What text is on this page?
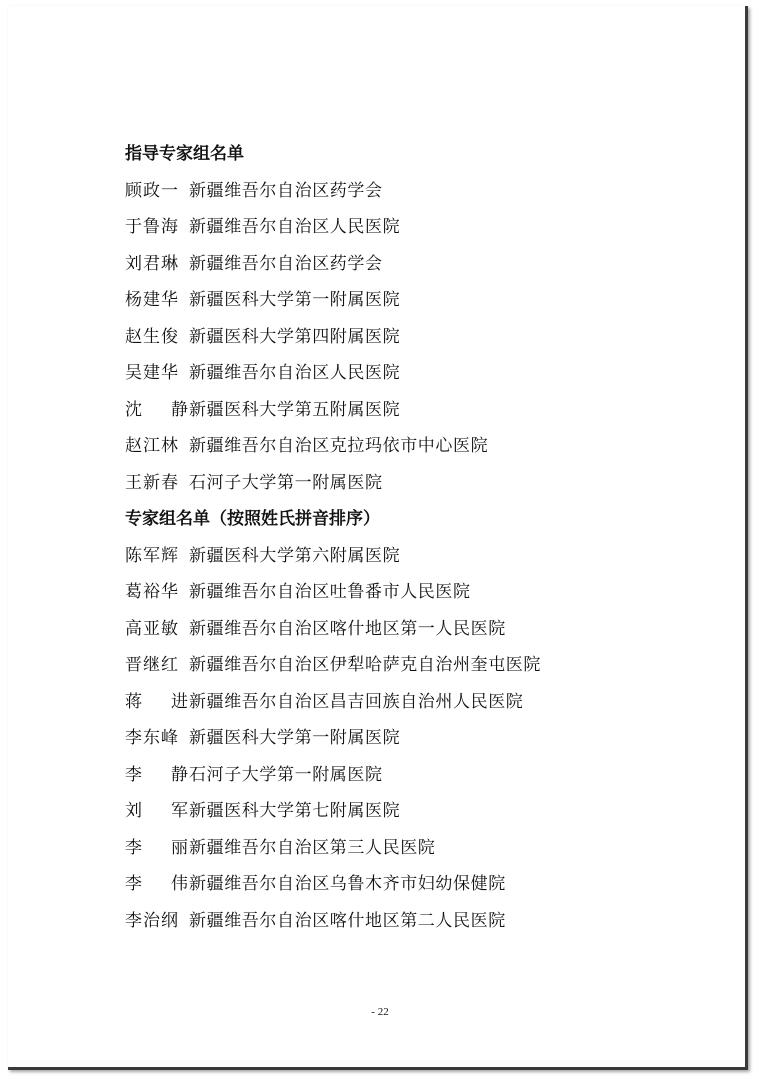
指导专家组名单
顾政一 新疆维吾尔自治区药学会
于鲁海 新疆维吾尔自治区人民医院
刘君琳 新疆维吾尔自治区药学会
杨建华 新疆医科大学第一附属医院
赵生俊 新疆医科大学第四附属医院
吴建华 新疆维吾尔自治区人民医院
沈 静 新疆医科大学第五附属医院
赵江林 新疆维吾尔自治区克拉玛依市中心医院
王新春 石河子大学第一附属医院
专家组名单（按照姓氏拼音排序）
陈军辉 新疆医科大学第六附属医院
葛裕华 新疆维吾尔自治区吐鲁番市人民医院
高亚敏 新疆维吾尔自治区喀什地区第一人民医院
晋继红 新疆维吾尔自治区伊犁哈萨克自治州奎屯医院
蒋 进 新疆维吾尔自治区昌吉回族自治州人民医院
李东峰 新疆医科大学第一附属医院
李 静 石河子大学第一附属医院
刘 军 新疆医科大学第七附属医院
李 丽 新疆维吾尔自治区第三人民医院
李 伟 新疆维吾尔自治区乌鲁木齐市妇幼保健院
李治纲 新疆维吾尔自治区喀什地区第二人民医院
- 22
